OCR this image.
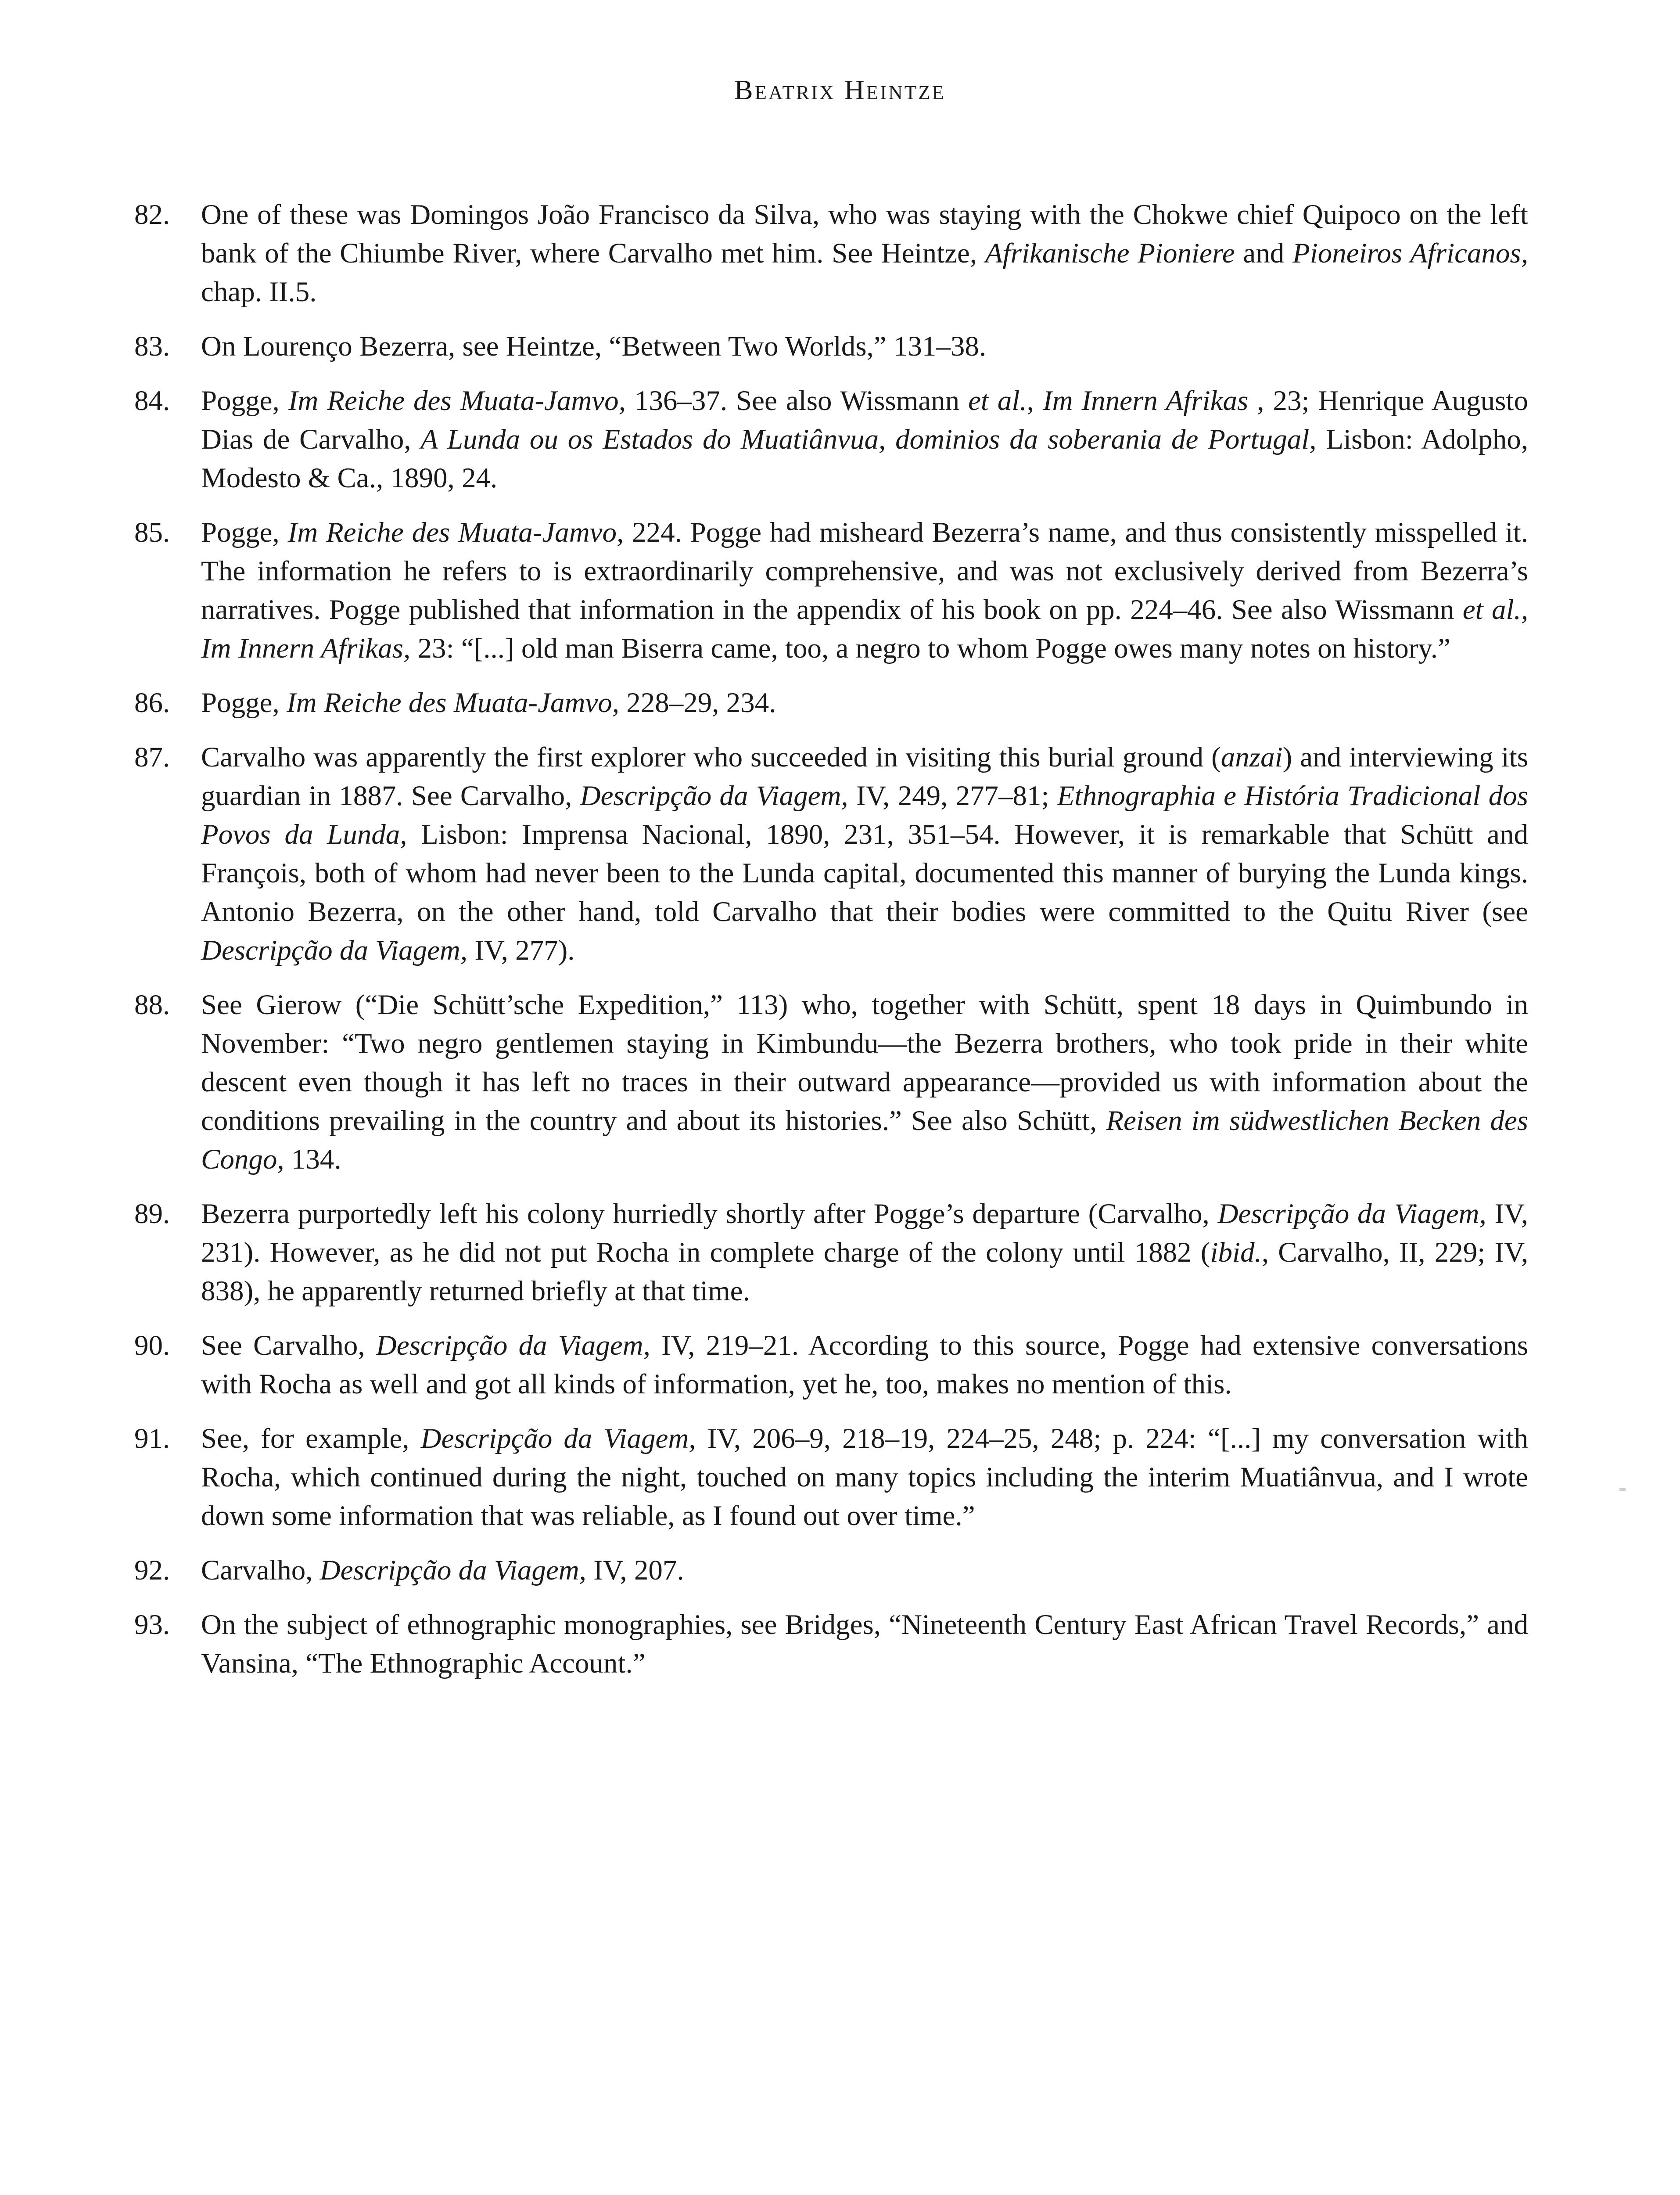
Beatrix Heintze
82. One of these was Domingos João Francisco da Silva, who was staying with the Chokwe chief Quipoco on the left bank of the Chiumbe River, where Carvalho met him. See Heintze, Afrikanische Pioniere and Pioneiros Africanos, chap. II.5.
83. On Lourenço Bezerra, see Heintze, “Between Two Worlds,” 131–38.
84. Pogge, Im Reiche des Muata-Jamvo, 136–37. See also Wissmann et al., Im Innern Afrikas , 23; Henrique Augusto Dias de Carvalho, A Lunda ou os Estados do Muatiânvua, dominios da soberania de Portugal, Lisbon: Adolpho, Modesto & Ca., 1890, 24.
85. Pogge, Im Reiche des Muata-Jamvo, 224. Pogge had misheard Bezerra’s name, and thus consistently misspelled it. The information he refers to is extraordinarily comprehensive, and was not exclusively derived from Bezerra’s narratives. Pogge published that information in the appendix of his book on pp. 224–46. See also Wissmann et al., Im Innern Afrikas, 23: “[...] old man Biserra came, too, a negro to whom Pogge owes many notes on history.”
86. Pogge, Im Reiche des Muata-Jamvo, 228–29, 234.
87. Carvalho was apparently the first explorer who succeeded in visiting this burial ground (anzai) and interviewing its guardian in 1887. See Carvalho, Descripção da Viagem, IV, 249, 277–81; Ethnographia e História Tradicional dos Povos da Lunda, Lisbon: Imprensa Nacional, 1890, 231, 351–54. However, it is remarkable that Schütt and François, both of whom had never been to the Lunda capital, documented this manner of burying the Lunda kings. Antonio Bezerra, on the other hand, told Carvalho that their bodies were committed to the Quitu River (see Descripção da Viagem, IV, 277).
88. See Gierow (“Die Schütt’sche Expedition,” 113) who, together with Schütt, spent 18 days in Quimbundo in November: “Two negro gentlemen staying in Kimbundu—the Bezerra brothers, who took pride in their white descent even though it has left no traces in their outward appearance—provided us with information about the conditions prevailing in the country and about its histories.” See also Schütt, Reisen im südwestlichen Becken des Congo, 134.
89. Bezerra purportedly left his colony hurriedly shortly after Pogge’s departure (Carvalho, Descripção da Viagem, IV, 231). However, as he did not put Rocha in complete charge of the colony until 1882 (ibid., Carvalho, II, 229; IV, 838), he apparently returned briefly at that time.
90. See Carvalho, Descripção da Viagem, IV, 219–21. According to this source, Pogge had extensive conversations with Rocha as well and got all kinds of information, yet he, too, makes no mention of this.
91. See, for example, Descripção da Viagem, IV, 206–9, 218–19, 224–25, 248; p. 224: “[...] my conversation with Rocha, which continued during the night, touched on many topics including the interim Muatiânvua, and I wrote down some information that was reliable, as I found out over time.”
92. Carvalho, Descripção da Viagem, IV, 207.
93. On the subject of ethnographic monographies, see Bridges, “Nineteenth Century East African Travel Records,” and Vansina, “The Ethnographic Account.”
